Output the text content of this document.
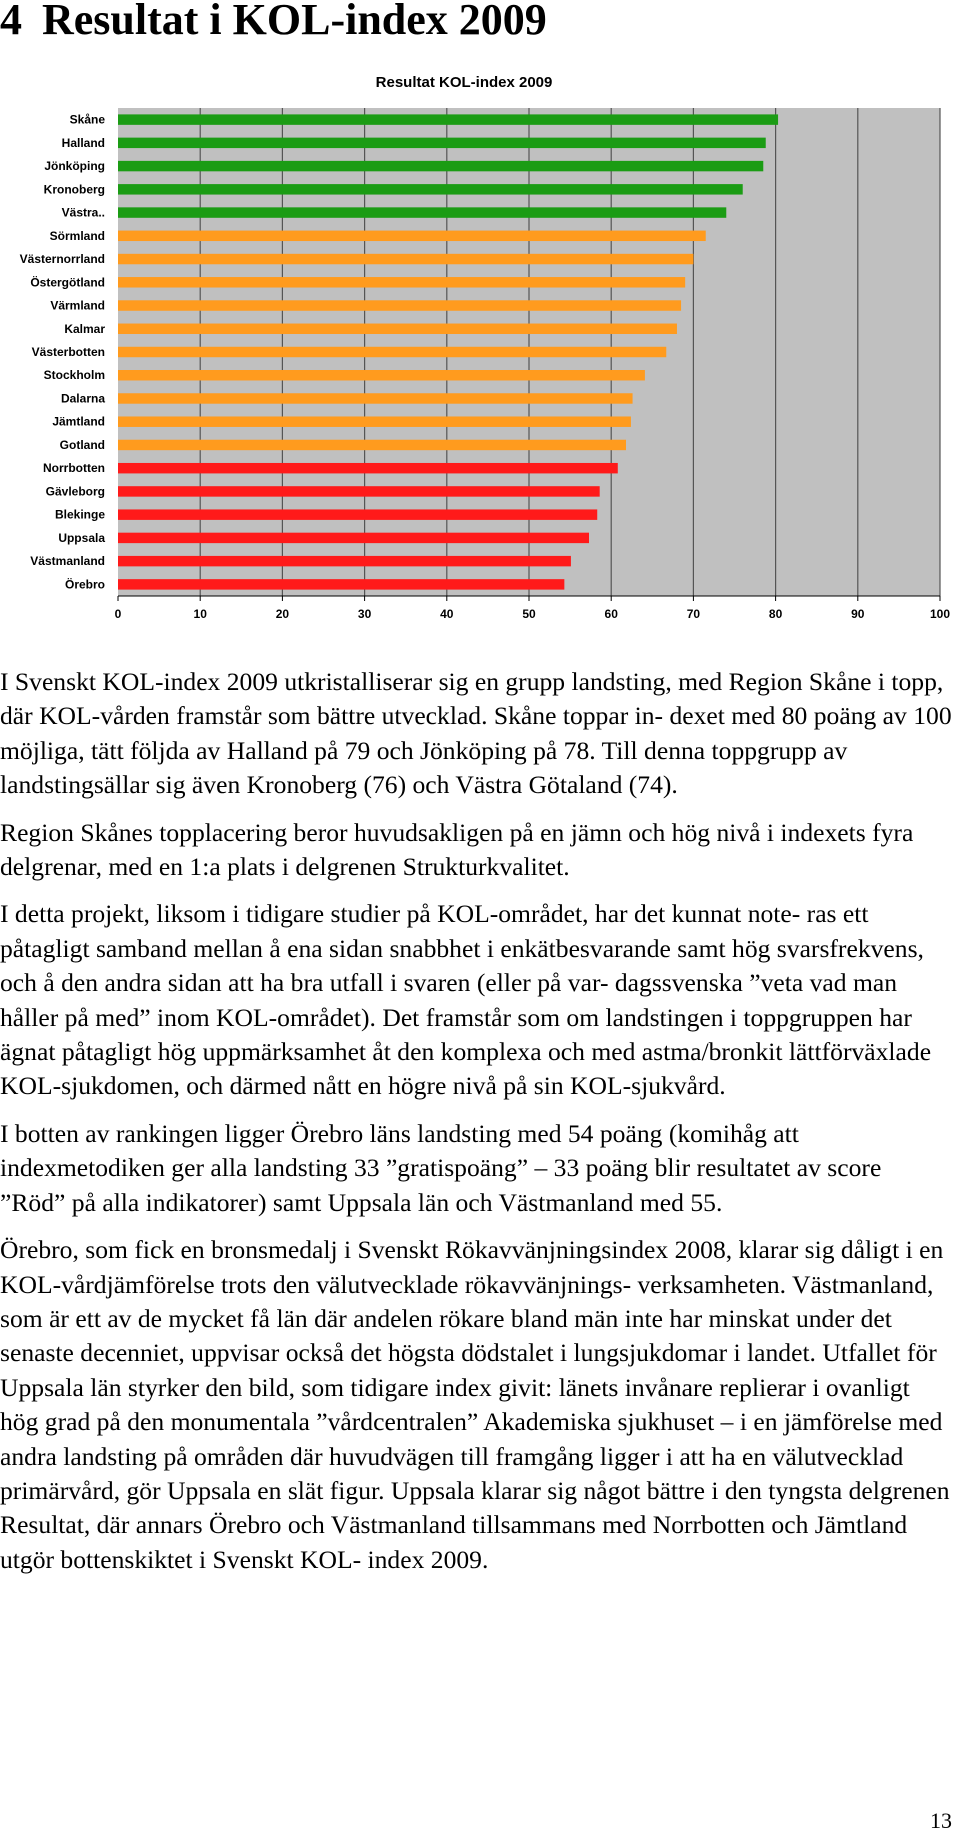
4 Resultat i KOL-index 2009
Resultat KOL-index 2009
Skåne
Halland
Jönköping
Kronoberg
Västra..
Sörmland
Västernorrland
Östergötland
Värmland
Kalmar
Västerbotten
Stockholm
Dalarna
Jämtland
Gotland
Norrbotten
Gävleborg
Blekinge
Uppsala
Västmanland
Örebro
0	10	20	30	40	50	60	70	80	90	100

I Svenskt KOL-index 2009 utkristalliserar sig en grupp landsting, med Region Skåne i topp, där KOL-vården framstår som bättre utvecklad. Skåne toppar in- dexet med 80 poäng av 100 möjliga, tätt följda av Halland på 79 och Jönköping på 78. Till denna toppgrupp av landstingsällar sig även Kronoberg (76) och Västra Götaland (74).

Region Skånes topplacering beror huvudsakligen på en jämn och hög nivå i indexets fyra delgrenar, med en 1:a plats i delgrenen Strukturkvalitet.

I detta projekt, liksom i tidigare studier på KOL-området, har det kunnat note- ras ett påtagligt samband mellan å ena sidan snabbhet i enkätbesvarande samt hög svarsfrekvens, och å den andra sidan att ha bra utfall i svaren (eller på var- dagssvenska ”veta vad man håller på med” inom KOL-området). Det framstår som om landstingen i toppgruppen har ägnat påtagligt hög uppmärksamhet åt den komplexa och med astma/bronkit lättförväxlade KOL-sjukdomen, och därmed nått en högre nivå på sin KOL-sjukvård.

I botten av rankingen ligger Örebro läns landsting med 54 poäng (komihåg att indexmetodiken ger alla landsting 33 ”gratispoäng” – 33 poäng blir resultatet av score ”Röd” på alla indikatorer) samt Uppsala län och Västmanland med 55.

Örebro, som fick en bronsmedalj i Svenskt Rökavvänjningsindex 2008, klarar sig dåligt i en KOL-vårdjämförelse trots den välutvecklade rökavvänjnings- verksamheten. Västmanland, som är ett av de mycket få län där andelen rökare bland män inte har minskat under det senaste decenniet, uppvisar också det högsta dödstalet i lungsjukdomar i landet. Utfallet för Uppsala län styrker den bild, som tidigare index givit: länets invånare replierar i ovanligt hög grad på den monumentala ”vårdcentralen” Akademiska sjukhuset – i en jämförelse med andra landsting på områden där huvudvägen till framgång ligger i att ha en välutvecklad primärvård, gör Uppsala en slät figur. Uppsala klarar sig något bättre i den tyngsta delgrenen Resultat, där annars Örebro och Västmanland tillsammans med Norrbotten och Jämtland utgör bottenskiktet i Svenskt KOL- index 2009.

13
